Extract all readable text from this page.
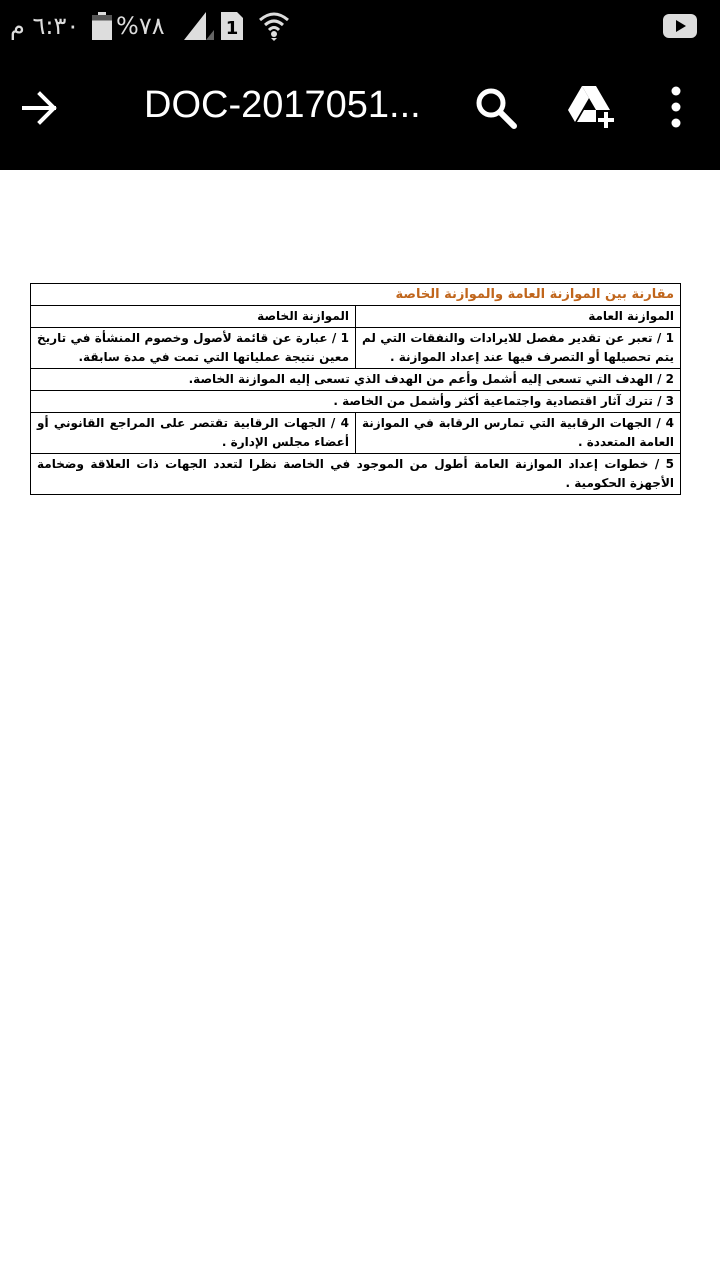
٦:٣٠ م %٧٨	1
DOC-2017051...
مقارنة بين الموازنة العامة والموازنة الخاصة	
الموازنة العامة	الموازنة الخاصة
1 / تعبر عن تقدير مفصل للايرادات والنفقات التي لم يتم تحصيلها أو التصرف فيها عند إعداد الموازنة .	1 / عبارة عن قائمة لأصول وخصوم المنشأة في تاريخ معين نتيجة عملياتها التي تمت في مدة سابقة.
2 / الهدف التي تسعى إليه أشمل وأعم من الهدف الذي تسعى إليه الموازنة الخاصة.	
3 / تترك آثار اقتصادية واجتماعية أكثر وأشمل من الخاصة .	
4 / الجهات الرقابية التي تمارس الرقابة في الموازنة العامة المتعددة .	4 / الجهات الرقابية تقتصر على المراجع القانوني أو أعضاء مجلس الإدارة .
5 / خطوات إعداد الموازنة العامة أطول من الموجود في الخاصة نظرا لتعدد الجهات ذات العلاقة وضخامة الأجهزة الحكومية .	
